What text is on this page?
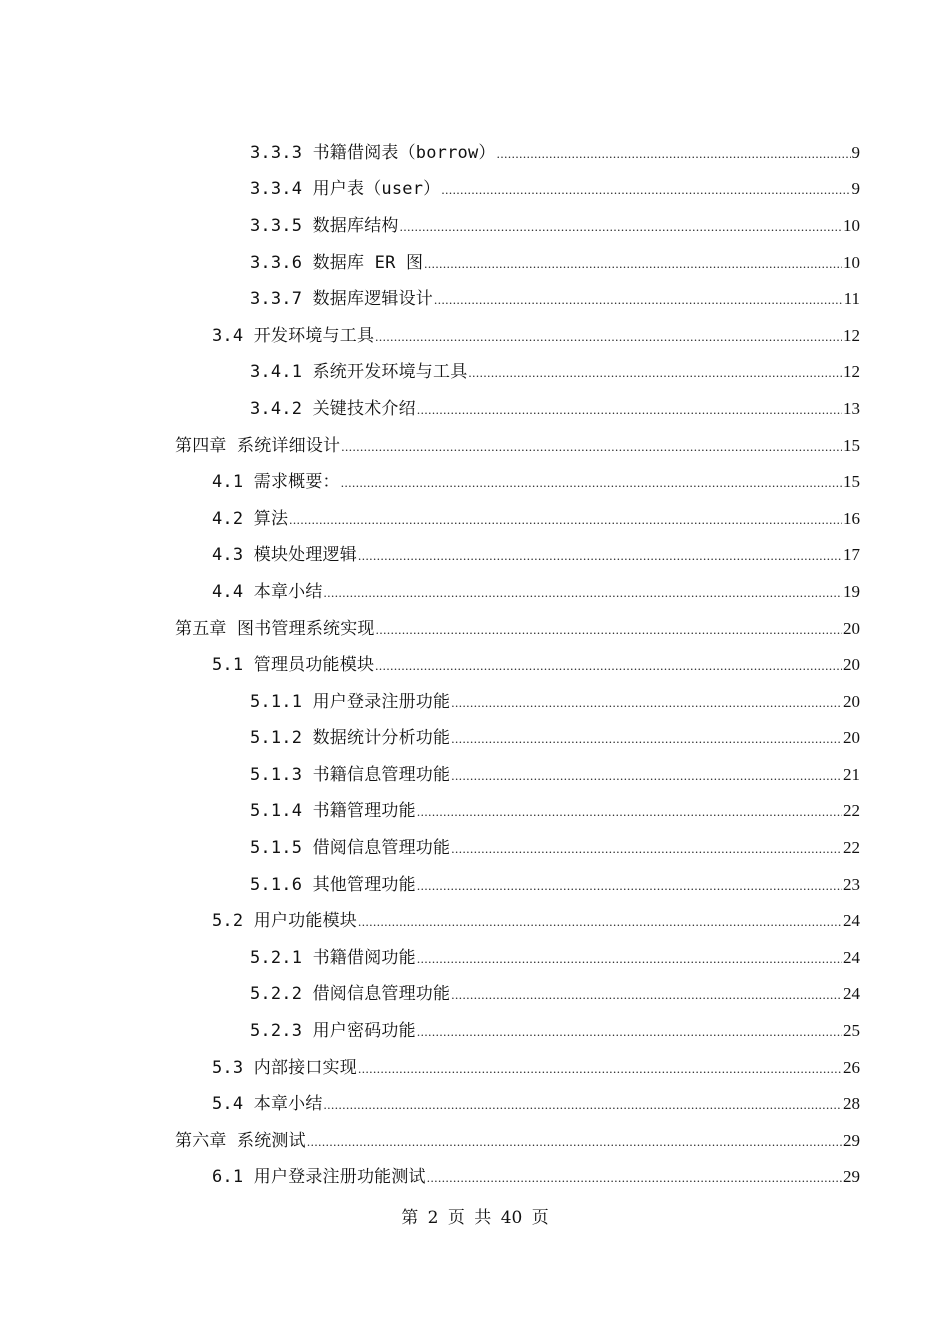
3.3.3 书籍借阅表（borrow） .....	9
3.3.4 用户表（user） .....	9
3.3.5 数据库结构 .....	10
3.3.6 数据库 ER 图 .....	10
3.3.7 数据库逻辑设计 .....	11
3.4 开发环境与工具 .....	12
3.4.1 系统开发环境与工具 .....	12
3.4.2 关键技术介绍 .....	13
第四章 系统详细设计 .....	15
4.1 需求概要： .....	15
4.2 算法 .....	16
4.3 模块处理逻辑 .....	17
4.4 本章小结 .....	19
第五章 图书管理系统实现 .....	20
5.1 管理员功能模块 .....	20
5.1.1 用户登录注册功能 .....	20
5.1.2 数据统计分析功能 .....	20
5.1.3 书籍信息管理功能 .....	21
5.1.4 书籍管理功能 .....	22
5.1.5 借阅信息管理功能 .....	22
5.1.6 其他管理功能 .....	23
5.2 用户功能模块 .....	24
5.2.1 书籍借阅功能 .....	24
5.2.2 借阅信息管理功能 .....	24
5.2.3 用户密码功能 .....	25
5.3 内部接口实现 .....	26
5.4 本章小结 .....	28
第六章 系统测试 .....	29
6.1 用户登录注册功能测试 .....	29
第 2 页 共 40 页
